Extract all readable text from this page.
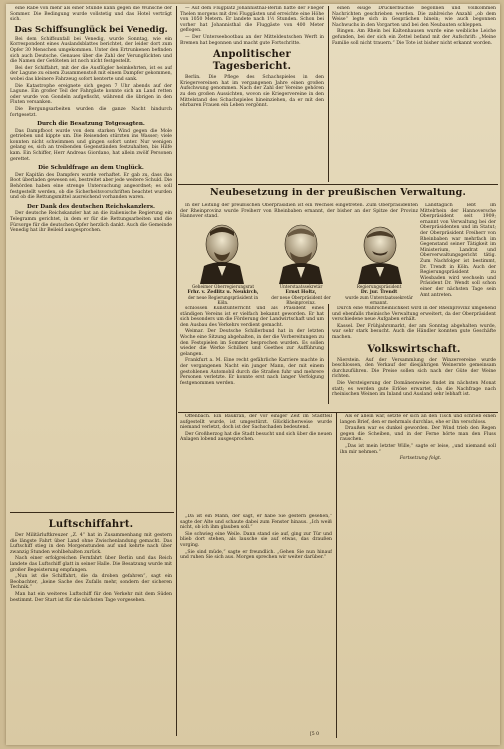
eine Rabe von mehr als einer Stunde kann gegen die Wünsche der Sommer. Die Bedingung wurde vollstetig und das Hotel verträgt sich.

Das Schiffsunglück bei Venedig.

Bei dem Schiffsunfall bei Venedig, wurde Sonntag, wie ein Korrespondent eines Auslandsblattes berichtet, der leider dort zum Opfer 30 Menschen umgekommen. Unter den Ertrunkenen befinden sich auch Deutsche. Genaues über die Zahl der Verunglückten und die Namen der Getöteten ist noch nicht festgestellt.

Bei der Schiffahrt, mit der die Ausflügler heimkehrten, ist es auf der Lagune zu einem Zusammenstoß mit einem Dampfer gekommen, wobei das kleinere Fahrzeug sofort kenterte und sank.

Die Katastrophe ereignete sich gegen 7 Uhr abends auf der Lagune. Ein großer Teil der Fahrgäste konnte sich an Land retten oder wurde von Gondeln aufgefischt, während die übrigen in den Fluten versanken.

Die Bergungsarbeiten wurden die ganze Nacht hindurch fortgesetzt.

Durch die Besatzung Totgesagten.

Das Dampfboot wurde von dem starken Wind gegen die Mole getrieben und kippte um. Die Reisenden stürzten ins Wasser; viele konnten nicht schwimmen und gingen sofort unter. Nur wenigen gelang es, sich an treibenden Gegenständen festzuhalten, bis Hilfe kam. Ein Schiffer, Herr Andreas Giordano, hat allein zwölf Personen gerettet.

Die Schuldfrage an dem Unglück.

Der Kapitän des Dampfers wurde verhaftet. Er gab zu, dass das Boot überladen gewesen sei, bestreitet aber jede weitere Schuld. Die Behörden haben eine strenge Untersuchung angeordnet; es soll festgestellt werden, ob die Sicherheitsvorschriften beachtet wurden und ob die Rettungsmittel ausreichend vorhanden waren.

Der Dank des deutschen Reichskanzlers.

Der deutsche Reichskanzler hat an die italienische Regierung ein Telegramm gerichtet, in dem er für die Rettungsarbeiten und die Fürsorge für die deutschen Opfer herzlich dankt. Auch die Gemeinde Venedig hat ihr Beileid ausgesprochen.

Luftschiffahrt.

Der Militärluftkreuzer „Z. 4“ hat in Zusammenhang mit gestern die längste Fahrt über Land ohne Zwischenlandung gemacht. Das Luftschiff stieg in den Morgenstunden auf und kehrte nach über zwanzig Stunden wohlbehalten zurück.

Nach einer erfolgreichen Fernfahrt über Berlin und das Reich landete das Luftschiff glatt in seiner Halle. Die Besatzung wurde mit großer Begeisterung empfangen.

„Nun ist die Schiffahrt, die da droben gefahren“, sagt ein Beobachter, „keine Sache des Zufalls mehr, sondern der sicheren Technik.“

Man hat ein weiteres Luftschiff für den Verkehr mit dem Süden bestimmt. Der Start ist für die nächsten Tage vorgesehen.

— Auf dem Flugplatz Johannisthal-Berlin hatte der Flieger Thelen morgens mit drei Fluggästen und erreichte eine Höhe von 1050 Metern. Er landete nach 1½ Stunden. Schon bei vorher hat Johannisthal die Fluggäste von 400 Meter geflogen.

— Der Unterseebootbau an der Mitteldeutschen Werft in Bremen hat begonnen und macht gute Fortschritte.

Anpolitischer Tagesbericht.

Berlin. Die Pflege des Schachspieles in den Kriegervereinen hat im vergangenen Jahre einen großen Aufschwung genommen. Nach der Zahl der Vereine gehören zu den großen Aussichten, wovon sie Kriegervereine in den Mittelstand des Schachspieles hineinziehen, da er mit den ehrbaren Frauen ein Leben vergönnt.

einen eisige Druckerbüchse begonnen und vollkommen Nachrichten geschrieben werden. Die zahlreiche Anzahl „ob dem Weise“ legte sich in Gesprächen hinein; wie auch begonnen Nachwuchs in den Vorgarten und bei den Neubauten schleppen.

Bingen. Am Rhein bei Kaltenhausen wurde eine weibliche Leiche gefunden, bei der sich ein Zettel befand mit der Aufschrift: „Meine Familie soll nicht trauern.“ Die Tote ist bisher nicht erkannt worden.

Neubesetzung in der preußischen Verwaltung.

In der Leitung der preußischen Oberpräsidien ist ein Wechsel eingetreten. Zum Oberpräsidenten der Rheinprovinz wurde Freiherr von Rheinbaben ernannt, der bisher an der Spitze der Provinz Hannover stand.

Landtäglich lebt im Mittelrhein der Hannoversche Oberpräsident seit 1909; ernannt von Verwaltung bei der Oberpräsidenten und im Statut; der Oberpräsident Freiherr von Rheinbaben war mehrfach im Gegenstand seiner Tätigkeit im Ministerium, Landrat und Oberverwaltungsgericht tätig. Zum Nachfolger ist bestimmt, Dr. Trendt in Köln. Auch der Regierungspräsident zu Wiesbaden wird wechseln und Präsident Dr. Wendt soll schon einer der nächsten Tage sein Amt antreten.

Geheimer Oberregierungsrat
Frhr. v. Zedlitz u. Neukirch,
der neue Regierungspräsident in Köln.
Unterstaatssekretär
Ernst Holtz,
der neue Oberpräsident der Rheinprovinz.
Regierungspräsident
Dr. jur. Trendt
wurde zum Unterstaatssekretär ernannt.

schlossen Kunstunterricht und als Präsident eines ständigen Vereins ist er vielfach bekannt geworden. Er hat sich besonders um die Förderung der Landwirtschaft und um den Ausbau des Verkehrs verdient gemacht.

Weimar. Der Deutsche Schillerbund hat in der letzten Woche eine Sitzung abgehalten, in der die Vorbereitungen zu den Festspielen im Sommer besprochen wurden. Es sollen wieder die Werke Schillers und Goethes zur Aufführung gelangen.

Frankfurt a. M. Eine recht gefährliche Karriere machte in der vergangenen Nacht ein junger Mann, der mit einem gestohlenen Automobil durch die Straßen fuhr und mehrere Personen verletzte. Er konnte erst nach langer Verfolgung festgenommen werden.

Offenbach. Ein Baukran, der vor einiger Zeit im Stadtteil aufgestellt wurde, ist umgestürzt. Glücklicherweise wurde niemand verletzt, doch ist der Sachschaden bedeutend.

Der Großherzog hat die Stadt besucht und sich über die neuen Anlagen lobend ausgesprochen.

Durch eine Wahrscheinlichkeit wird in der Rheinprovinz umgehend und ebenfalls rheinische Verwaltung erweitert, da der Oberpräsident verschiedene neue Aufgaben erhält.

Kassel. Der Frühjahrsmarkt, der am Sonntag abgehalten wurde, war sehr stark besucht. Auch die Händler konnten gute Geschäfte machen.

Volkswirtschaft.

Nierstein. Auf der Versammlung der Winzervereine wurde beschlossen, den Verkauf der diesjährigen Weinernte gemeinsam durchzuführen. Die Preise sollen sich nach der Güte der Weine richten.

Die Versteigerung der Domänenweine findet im nächsten Monat statt; es werden gute Erlöse erwartet, da die Nachfrage nach rheinischen Weinen im Inland und Ausland sehr lebhaft ist.

„Da ist ein Mann, der sagt, er habe Sie gestern gesehen,“ sagte der Alte und schaute dabei zum Fenster hinaus. „Ich weiß nicht, ob ich ihm glauben soll.“

Sie schwieg eine Weile. Dann stand sie auf, ging zur Tür und blieb dort stehen, als lausche sie auf etwas, das draußen vorging.

„Sie sind müde,“ sagte er freundlich. „Gehen Sie nun hinauf und ruhen Sie sich aus. Morgen sprechen wir weiter darüber.“

Als er allein war, setzte er sich an den Tisch und schrieb einen langen Brief, den er mehrmals durchlas, ehe er ihn verschloss.

Draußen war es dunkel geworden. Der Wind trieb den Regen gegen die Scheiben, und in der Ferne hörte man den Fluss rauschen.

„Das ist mein letzter Wille,“ sagte er leise, „und niemand soll ihn mir nehmen.“

Fortsetzung folgt.

[5 0
